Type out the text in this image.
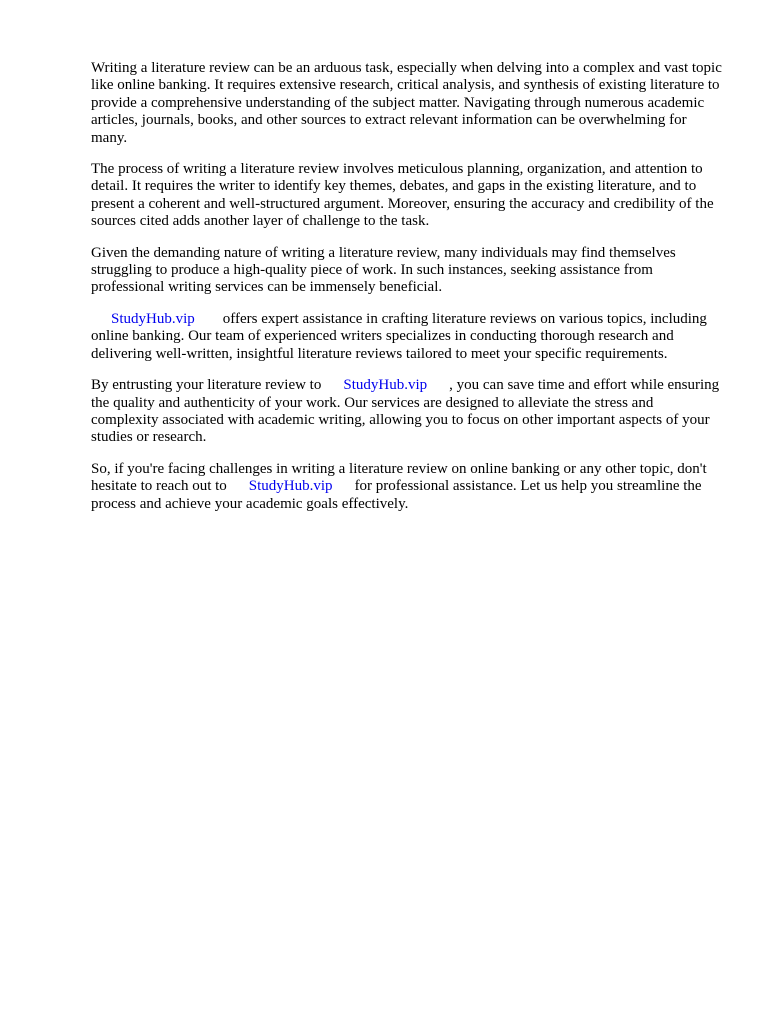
Writing a literature review can be an arduous task, especially when delving into a complex and vast topic like online banking. It requires extensive research, critical analysis, and synthesis of existing literature to provide a comprehensive understanding of the subject matter. Navigating through numerous academic articles, journals, books, and other sources to extract relevant information can be overwhelming for many.

The process of writing a literature review involves meticulous planning, organization, and attention to detail. It requires the writer to identify key themes, debates, and gaps in the existing literature, and to present a coherent and well-structured argument. Moreover, ensuring the accuracy and credibility of the sources cited adds another layer of challenge to the task.

Given the demanding nature of writing a literature review, many individuals may find themselves struggling to produce a high-quality piece of work. In such instances, seeking assistance from professional writing services can be immensely beneficial.

StudyHub.vip offers expert assistance in crafting literature reviews on various topics, including online banking. Our team of experienced writers specializes in conducting thorough research and delivering well-written, insightful literature reviews tailored to meet your specific requirements.

By entrusting your literature review to StudyHub.vip , you can save time and effort while ensuring the quality and authenticity of your work. Our services are designed to alleviate the stress and complexity associated with academic writing, allowing you to focus on other important aspects of your studies or research.

So, if you're facing challenges in writing a literature review on online banking or any other topic, don't hesitate to reach out to StudyHub.vip for professional assistance. Let us help you streamline the process and achieve your academic goals effectively.
